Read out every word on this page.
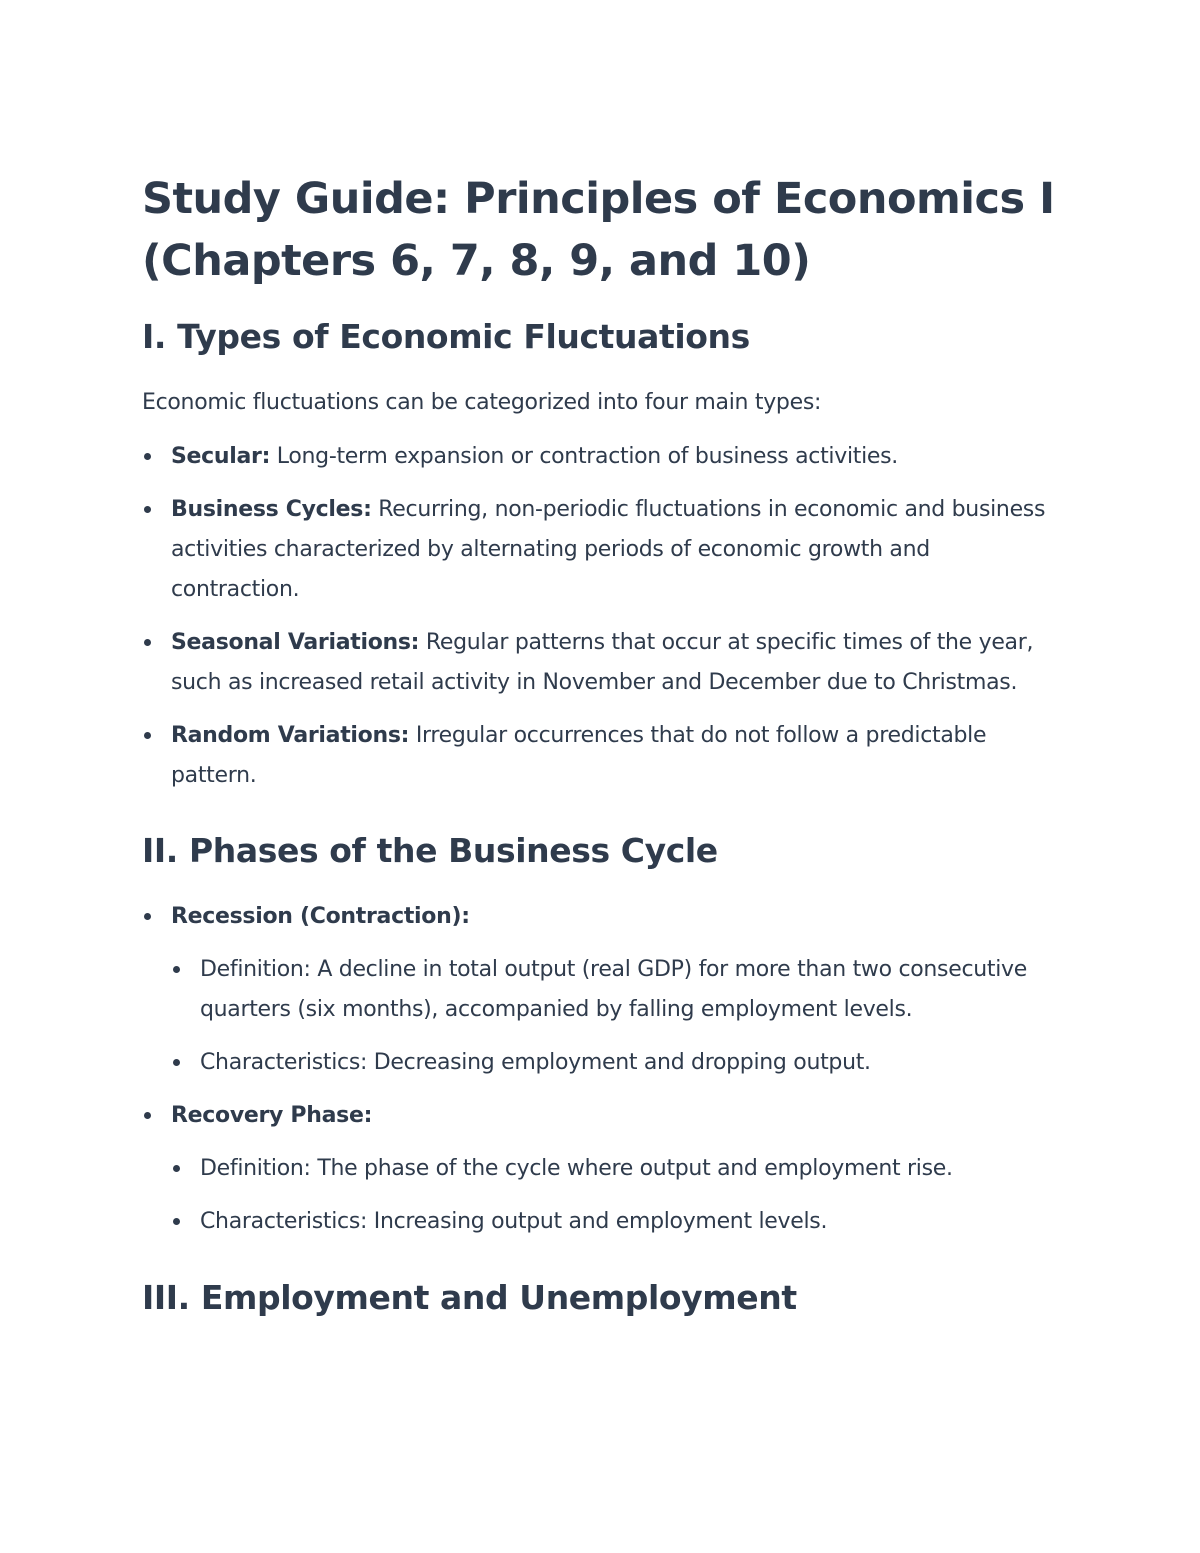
Study Guide: Principles of Economics I (Chapters 6, 7, 8, 9, and 10)
I. Types of Economic Fluctuations

Economic fluctuations can be categorized into four main types:

Secular: Long-term expansion or contraction of business activities.
Business Cycles: Recurring, non-periodic fluctuations in economic and business activities characterized by alternating periods of economic growth and contraction.
Seasonal Variations: Regular patterns that occur at specific times of the year, such as increased retail activity in November and December due to Christmas.
Random Variations: Irregular occurrences that do not follow a predictable pattern.
II. Phases of the Business Cycle
Recession (Contraction):
Definition: A decline in total output (real GDP) for more than two consecutive quarters (six months), accompanied by falling employment levels.
Characteristics: Decreasing employment and dropping output.
Recovery Phase:
Definition: The phase of the cycle where output and employment rise.
Characteristics: Increasing output and employment levels.
III. Employment and Unemployment
